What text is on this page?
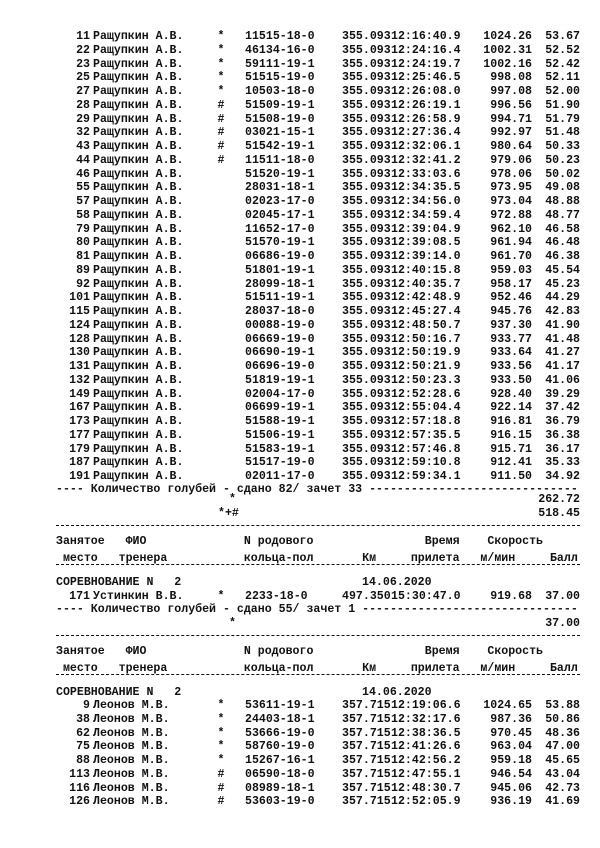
11 Ращупкин А.В.	* 11515-18-0 355.093 12:16:40.9	1024.26	53.67
22 Ращупкин А.В.	* 46134-16-0 355.093 12:24:16.4	1002.31	52.52
23 Ращупкин А.В.	* 59111-19-1 355.093 12:24:19.7	1002.16	52.42
25 Ращупкин А.В.	* 51515-19-0 355.093 12:25:46.5	998.08	52.11
27 Ращупкин А.В.	* 10503-18-0 355.093 12:26:08.0	997.08	52.00
28 Ращупкин А.В.	# 51509-19-1 355.093 12:26:19.1	996.56	51.90
29 Ращупкин А.В.	# 51508-19-0 355.093 12:26:58.9	994.71	51.79
32 Ращупкин А.В.	# 03021-15-1 355.093 12:27:36.4	992.97	51.48
43 Ращупкин А.В.	# 51542-19-1 355.093 12:32:06.1	980.64	50.33
44 Ращупкин А.В.	# 11511-18-0 355.093 12:32:41.2	979.06	50.23
46 Ращупкин А.В.	51520-19-1 355.093 12:33:03.6	978.06	50.02
55 Ращупкин А.В.	28031-18-1 355.093 12:34:35.5	973.95	49.08
57 Ращупкин А.В.	02023-17-0 355.093 12:34:56.0	973.04	48.88
58 Ращупкин А.В.	02045-17-1 355.093 12:34:59.4	972.88	48.77
79 Ращупкин А.В.	11652-17-0 355.093 12:39:04.9	962.10	46.58
80 Ращупкин А.В.	51570-19-1 355.093 12:39:08.5	961.94	46.48
81 Ращупкин А.В.	06686-19-0 355.093 12:39:14.0	961.70	46.38
89 Ращупкин А.В.	51801-19-1 355.093 12:40:15.8	959.03	45.54
92 Ращупкин А.В.	28099-18-1 355.093 12:40:35.7	958.17	45.23
101 Ращупкин А.В.	51511-19-1 355.093 12:42:48.9	952.46	44.29
115 Ращупкин А.В.	28037-18-0 355.093 12:45:27.4	945.76	42.83
124 Ращупкин А.В.	00088-19-0 355.093 12:48:50.7	937.30	41.90
128 Ращупкин А.В.	06669-19-0 355.093 12:50:16.7	933.77	41.48
130 Ращупкин А.В.	06690-19-1 355.093 12:50:19.9	933.64	41.27
131 Ращупкин А.В.	06696-19-0 355.093 12:50:21.9	933.56	41.17
132 Ращупкин А.В.	51819-19-1 355.093 12:50:23.3	933.50	41.06
149 Ращупкин А.В.	02004-17-0 355.093 12:52:28.6	928.40	39.29
167 Ращупкин А.В.	06699-19-1 355.093 12:55:04.4	922.14	37.42
173 Ращупкин А.В.	51588-19-1 355.093 12:57:18.8	916.81	36.79
177 Ращупкин А.В.	51506-19-1 355.093 12:57:35.5	916.15	36.38
179 Ращупкин А.В.	51583-19-1 355.093 12:57:46.8	915.71	36.17
187 Ращупкин А.В.	51517-19-0 355.093 12:59:10.8	912.41	35.33
191 Ращупкин А.В.	02011-17-0 355.093 12:59:34.1	911.50	34.92
---- Количество голубей - сдано 82/ зачет 33 ------------------------------
*	262.72
*+#	518.45
Занятое   ФИО              N родового                Время    Скорость
место   тренера           кольца-пол       Км     прилета   м/мин     Балл
СОРЕВНОВАНИЕ N   2	14.06.2020
171 Устинкин В.В.	* 2233-18-0	497.350 15:30:47.0	919.68	37.00
---- Количество голубей - сдано 55/ зачет 1 -------------------------------
*	37.00
Занятое   ФИО              N родового                Время    Скорость
место   тренера           кольца-пол       Км     прилета   м/мин     Балл
СОРЕВНОВАНИЕ N   2	14.06.2020
9 Леонов М.В.	* 53611-19-1 357.715 12:19:06.6	1024.65	53.88
38 Леонов М.В.	* 24403-18-1 357.715 12:32:17.6	987.36	50.86
62 Леонов М.В.	* 53666-19-0 357.715 12:38:36.5	970.45	48.36
75 Леонов М.В.	* 58760-19-0 357.715 12:41:26.6	963.04	47.00
88 Леонов М.В.	* 15267-16-1 357.715 12:42:56.2	959.18	45.65
113 Леонов М.В.	# 06590-18-0 357.715 12:47:55.1	946.54	43.04
116 Леонов М.В.	# 08989-18-1 357.715 12:48:30.7	945.06	42.73
126 Леонов М.В.	# 53603-19-0 357.715 12:52:05.9	936.19	41.69
